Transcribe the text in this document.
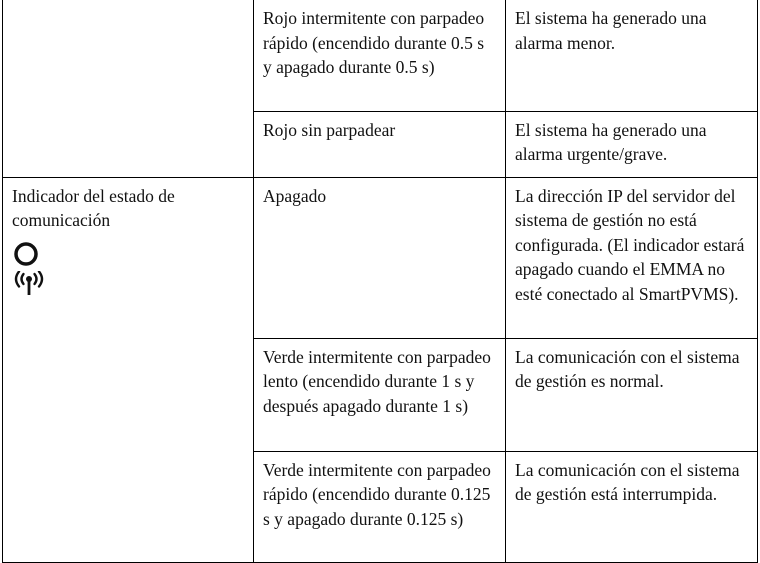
	Rojo intermitente con parpadeo rápido (encendido durante 0.5 s y apagado durante 0.5 s)	El sistema ha generado una alarma menor.

	Rojo sin parpadear	El sistema ha generado una alarma urgente/grave.

Indicador del estado de comunicación	Apagado	La dirección IP del servidor del sistema de gestión no está configurada. (El indicador estará apagado cuando el EMMA no esté conectado al SmartPVMS).

	Verde intermitente con parpadeo lento (encendido durante 1 s y después apagado durante 1 s)	La comunicación con el sistema de gestión es normal.

	Verde intermitente con parpadeo rápido (encendido durante 0.125 s y apagado durante 0.125 s)	La comunicación con el sistema de gestión está interrumpida.
